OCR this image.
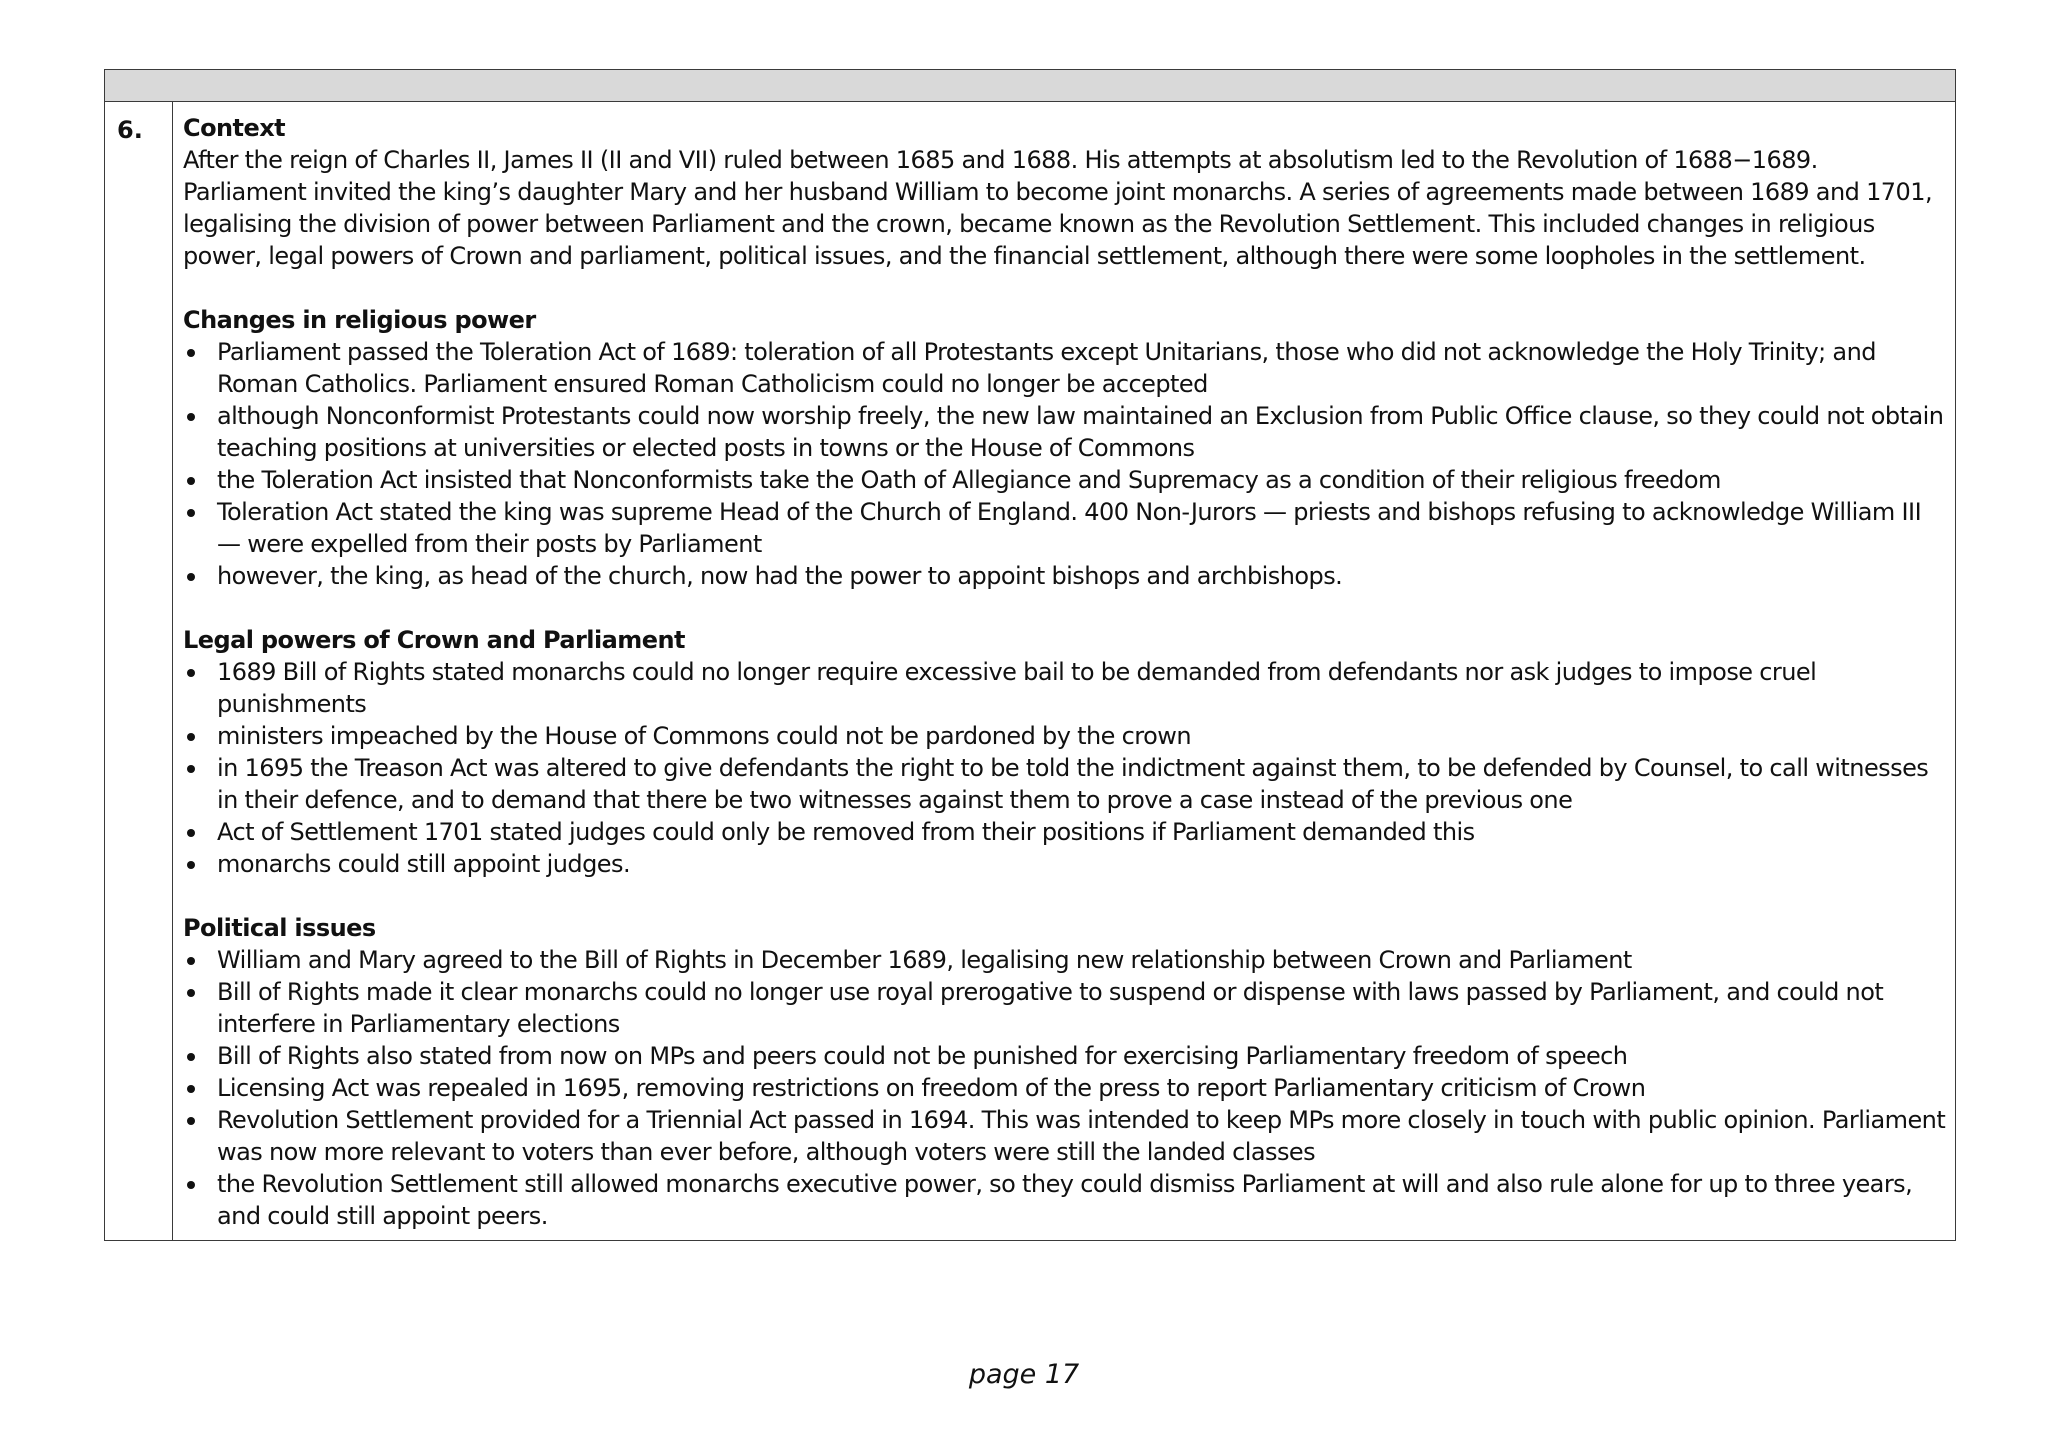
6.	Context

After the reign of Charles II, James II (II and VII) ruled between 1685 and 1688. His attempts at absolutism led to the Revolution of 1688−1689. Parliament invited the king’s daughter Mary and her husband William to become joint monarchs. A series of agreements made between 1689 and 1701, legalising the division of power between Parliament and the crown, became known as the Revolution Settlement. This included changes in religious power, legal powers of Crown and parliament, political issues, and the financial settlement, although there were some loopholes in the settlement.

Changes in religious power

Parliament passed the Toleration Act of 1689: toleration of all Protestants except Unitarians, those who did not acknowledge the Holy Trinity; and Roman Catholics. Parliament ensured Roman Catholicism could no longer be accepted
although Nonconformist Protestants could now worship freely, the new law maintained an Exclusion from Public Office clause, so they could not obtain teaching positions at universities or elected posts in towns or the House of Commons
the Toleration Act insisted that Nonconformists take the Oath of Allegiance and Supremacy as a condition of their religious freedom
Toleration Act stated the king was supreme Head of the Church of England. 400 Non-Jurors — priests and bishops refusing to acknowledge William III — were expelled from their posts by Parliament
however, the king, as head of the church, now had the power to appoint bishops and archbishops.

Legal powers of Crown and Parliament

1689 Bill of Rights stated monarchs could no longer require excessive bail to be demanded from defendants nor ask judges to impose cruel punishments
ministers impeached by the House of Commons could not be pardoned by the crown
in 1695 the Treason Act was altered to give defendants the right to be told the indictment against them, to be defended by Counsel, to call witnesses in their defence, and to demand that there be two witnesses against them to prove a case instead of the previous one
Act of Settlement 1701 stated judges could only be removed from their positions if Parliament demanded this
monarchs could still appoint judges.

Political issues

William and Mary agreed to the Bill of Rights in December 1689, legalising new relationship between Crown and Parliament
Bill of Rights made it clear monarchs could no longer use royal prerogative to suspend or dispense with laws passed by Parliament, and could not interfere in Parliamentary elections
Bill of Rights also stated from now on MPs and peers could not be punished for exercising Parliamentary freedom of speech
Licensing Act was repealed in 1695, removing restrictions on freedom of the press to report Parliamentary criticism of Crown
Revolution Settlement provided for a Triennial Act passed in 1694. This was intended to keep MPs more closely in touch with public opinion. Parliament was now more relevant to voters than ever before, although voters were still the landed classes
the Revolution Settlement still allowed monarchs executive power, so they could dismiss Parliament at will and also rule alone for up to three years, and could still appoint peers.
page 17
